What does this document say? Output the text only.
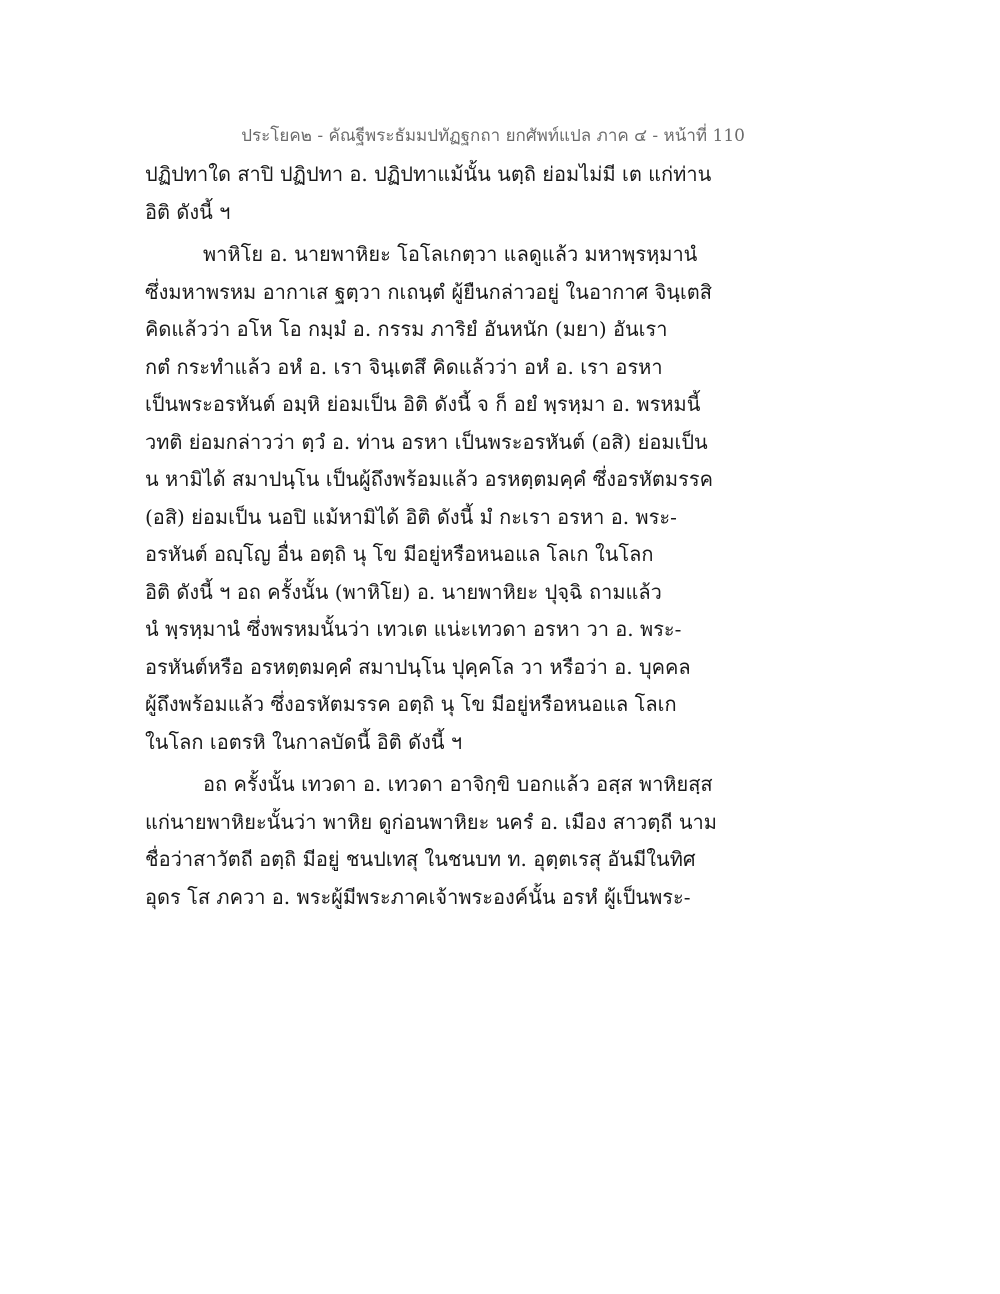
ประโยค๒ - คัณฐีพระธัมมปทัฏฐกถา ยกศัพท์แปล ภาค ๔ - หน้าที่ 110
ปฏิปทาใด สาปิ ปฏิปทา อ. ปฏิปทาแม้นั้น นตฺถิ ย่อมไม่มี เต แก่ท่าน
อิติ ดังนี้ ฯ
พาหิโย อ. นายพาหิยะ โอโลเกตฺวา แลดูแล้ว มหาพฺรหฺมานํ
ซึ่งมหาพรหม อากาเส ฐตฺวา กเถนฺตํ ผู้ยืนกล่าวอยู่ ในอากาศ จินฺเตสิ
คิดแล้วว่า อโห โอ กมฺมํ อ. กรรม ภาริยํ อันหนัก (มยา) อันเรา
กตํ กระทำแล้ว อหํ อ. เรา จินฺเตสึ คิดแล้วว่า อหํ อ. เรา อรหา
เป็นพระอรหันต์ อมฺหิ ย่อมเป็น อิติ ดังนี้ จ ก็ อยํ พฺรหฺมา อ. พรหมนี้
วทติ ย่อมกล่าวว่า ตฺวํ อ. ท่าน อรหา เป็นพระอรหันต์ (อสิ) ย่อมเป็น
น หามิได้ สมาปนฺโน เป็นผู้ถึงพร้อมแล้ว อรหตฺตมคฺคํ ซึ่งอรหัตมรรค
(อสิ) ย่อมเป็น นอปิ แม้หามิได้ อิติ ดังนี้ มํ กะเรา อรหา อ. พระ-
อรหันต์ อญฺโญ อื่น อตฺถิ นุ โข มีอยู่หรือหนอแล โลเก ในโลก
อิติ ดังนี้ ฯ อถ ครั้งนั้น (พาหิโย) อ. นายพาหิยะ ปุจฺฉิ ถามแล้ว
นํ พฺรหฺมานํ ซึ่งพรหมนั้นว่า เทวเต แน่ะเทวดา อรหา วา อ. พระ-
อรหันต์หรือ อรหตฺตมคฺคํ สมาปนฺโน ปุคฺคโล วา หรือว่า อ. บุคคล
ผู้ถึงพร้อมแล้ว ซึ่งอรหัตมรรค อตฺถิ นุ โข มีอยู่หรือหนอแล โลเก
ในโลก เอตรหิ ในกาลบัดนี้ อิติ ดังนี้ ฯ
อถ ครั้งนั้น เทวดา อ. เทวดา อาจิกฺขิ บอกแล้ว อสฺส พาหิยสฺส
แก่นายพาหิยะนั้นว่า พาหิย ดูก่อนพาหิยะ นครํ อ. เมือง สาวตฺถี นาม
ชื่อว่าสาวัตถี อตฺถิ มีอยู่ ชนปเทสุ ในชนบท ท. อุตฺตเรสุ อันมีในทิศ
อุดร โส ภควา อ. พระผู้มีพระภาคเจ้าพระองค์นั้น อรหํ ผู้เป็นพระ-
